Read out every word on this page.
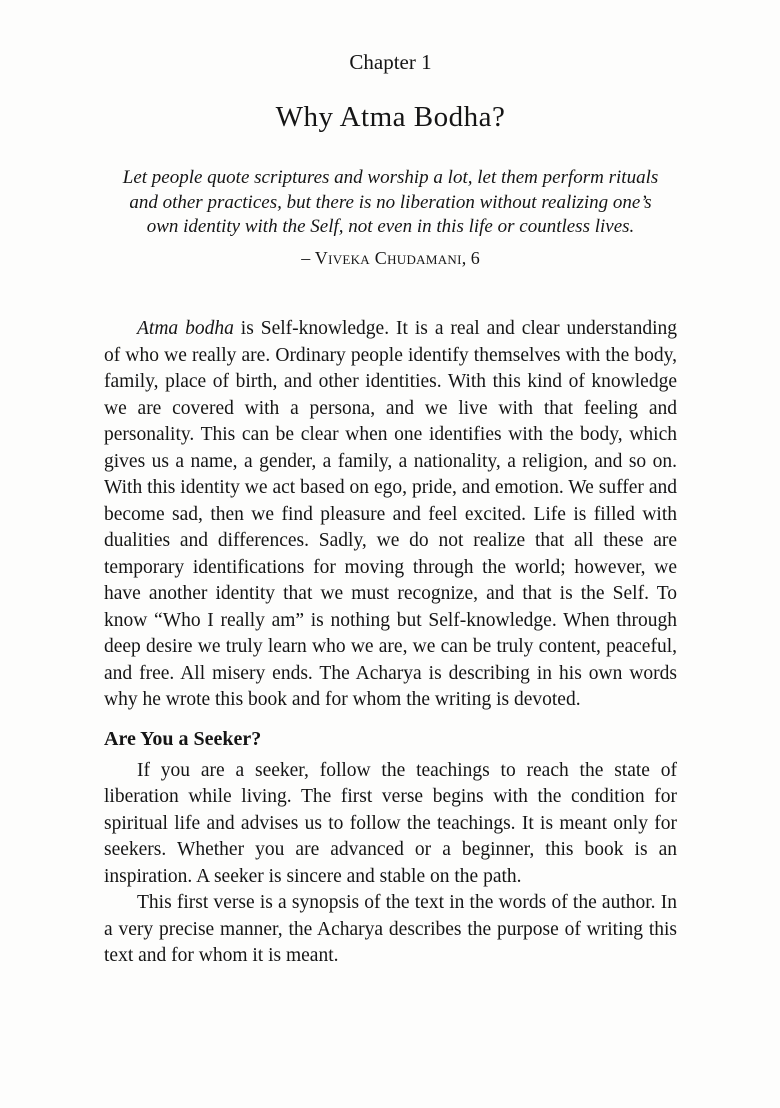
Chapter 1
Why Atma Bodha?
Let people quote scriptures and worship a lot, let them perform rituals and other practices, but there is no liberation without realizing one’s own identity with the Self, not even in this life or countless lives.
– Viveka Chudamani, 6

Atma bodha is Self-knowledge. It is a real and clear understanding of who we really are. Ordinary people identify themselves with the body, family, place of birth, and other identities. With this kind of knowledge we are covered with a persona, and we live with that feeling and personality. This can be clear when one identifies with the body, which gives us a name, a gender, a family, a nationality, a religion, and so on. With this identity we act based on ego, pride, and emotion. We suffer and become sad, then we find pleasure and feel excited. Life is filled with dualities and differences. Sadly, we do not realize that all these are temporary identifications for moving through the world; however, we have another identity that we must recognize, and that is the Self. To know “Who I really am” is nothing but Self-knowledge. When through deep desire we truly learn who we are, we can be truly content, peaceful, and free. All misery ends. The Acharya is describing in his own words why he wrote this book and for whom the writing is devoted.

Are You a Seeker?

If you are a seeker, follow the teachings to reach the state of liberation while living. The first verse begins with the condition for spiritual life and advises us to follow the teachings. It is meant only for seekers. Whether you are advanced or a beginner, this book is an inspiration. A seeker is sincere and stable on the path.

This first verse is a synopsis of the text in the words of the author. In a very precise manner, the Acharya describes the purpose of writing this text and for whom it is meant.
